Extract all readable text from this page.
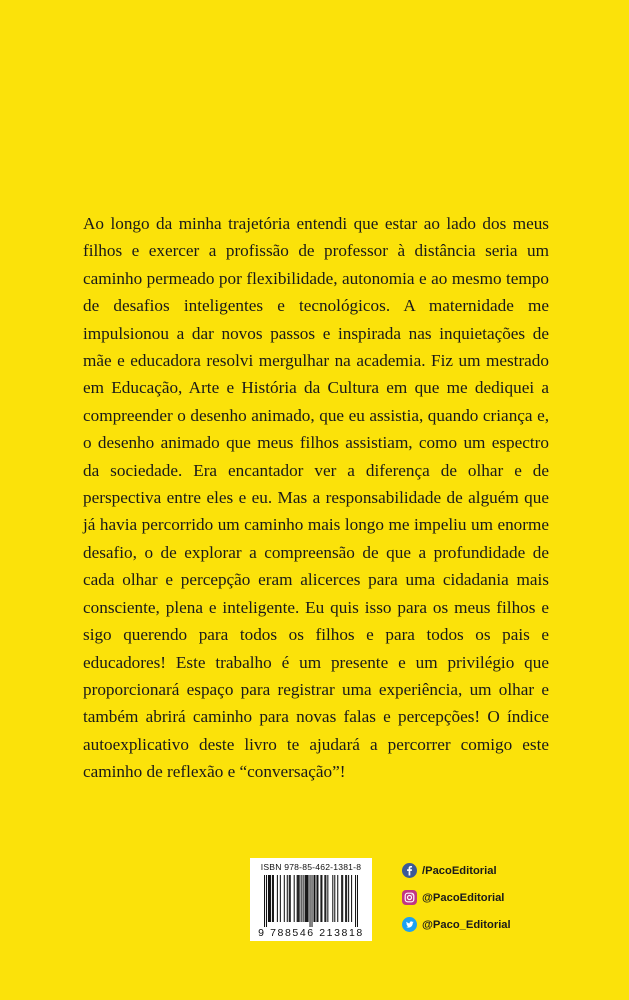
Ao longo da minha trajetória entendi que estar ao lado dos meus filhos e exercer a profissão de professor à distância seria um caminho permeado por flexibilidade, autonomia e ao mesmo tempo de desafios inteligentes e tecnológicos. A maternidade me impulsionou a dar novos passos e inspirada nas inquietações de mãe e educadora resolvi mergulhar na academia. Fiz um mestrado em Educação, Arte e História da Cultura em que me dediquei a compreender o desenho animado, que eu assistia, quando criança e, o desenho animado que meus filhos assistiam, como um espectro da sociedade. Era encantador ver a diferença de olhar e de perspectiva entre eles e eu. Mas a responsabilidade de alguém que já havia percorrido um caminho mais longo me impeliu um enorme desafio, o de explorar a compreensão de que a profundidade de cada olhar e percepção eram alicerces para uma cidadania mais consciente, plena e inteligente. Eu quis isso para os meus filhos e sigo querendo para todos os filhos e para todos os pais e educadores! Este trabalho é um presente e um privilégio que proporcionará espaço para registrar uma experiência, um olhar e também abrirá caminho para novas falas e percepções! O índice autoexplicativo deste livro te ajudará a percorrer comigo este caminho de reflexão e “conversação”!

ISBN 978-85-462-1381-8
9 788546 213818
/PacoEditorial
@PacoEditorial
@Paco_Editorial
